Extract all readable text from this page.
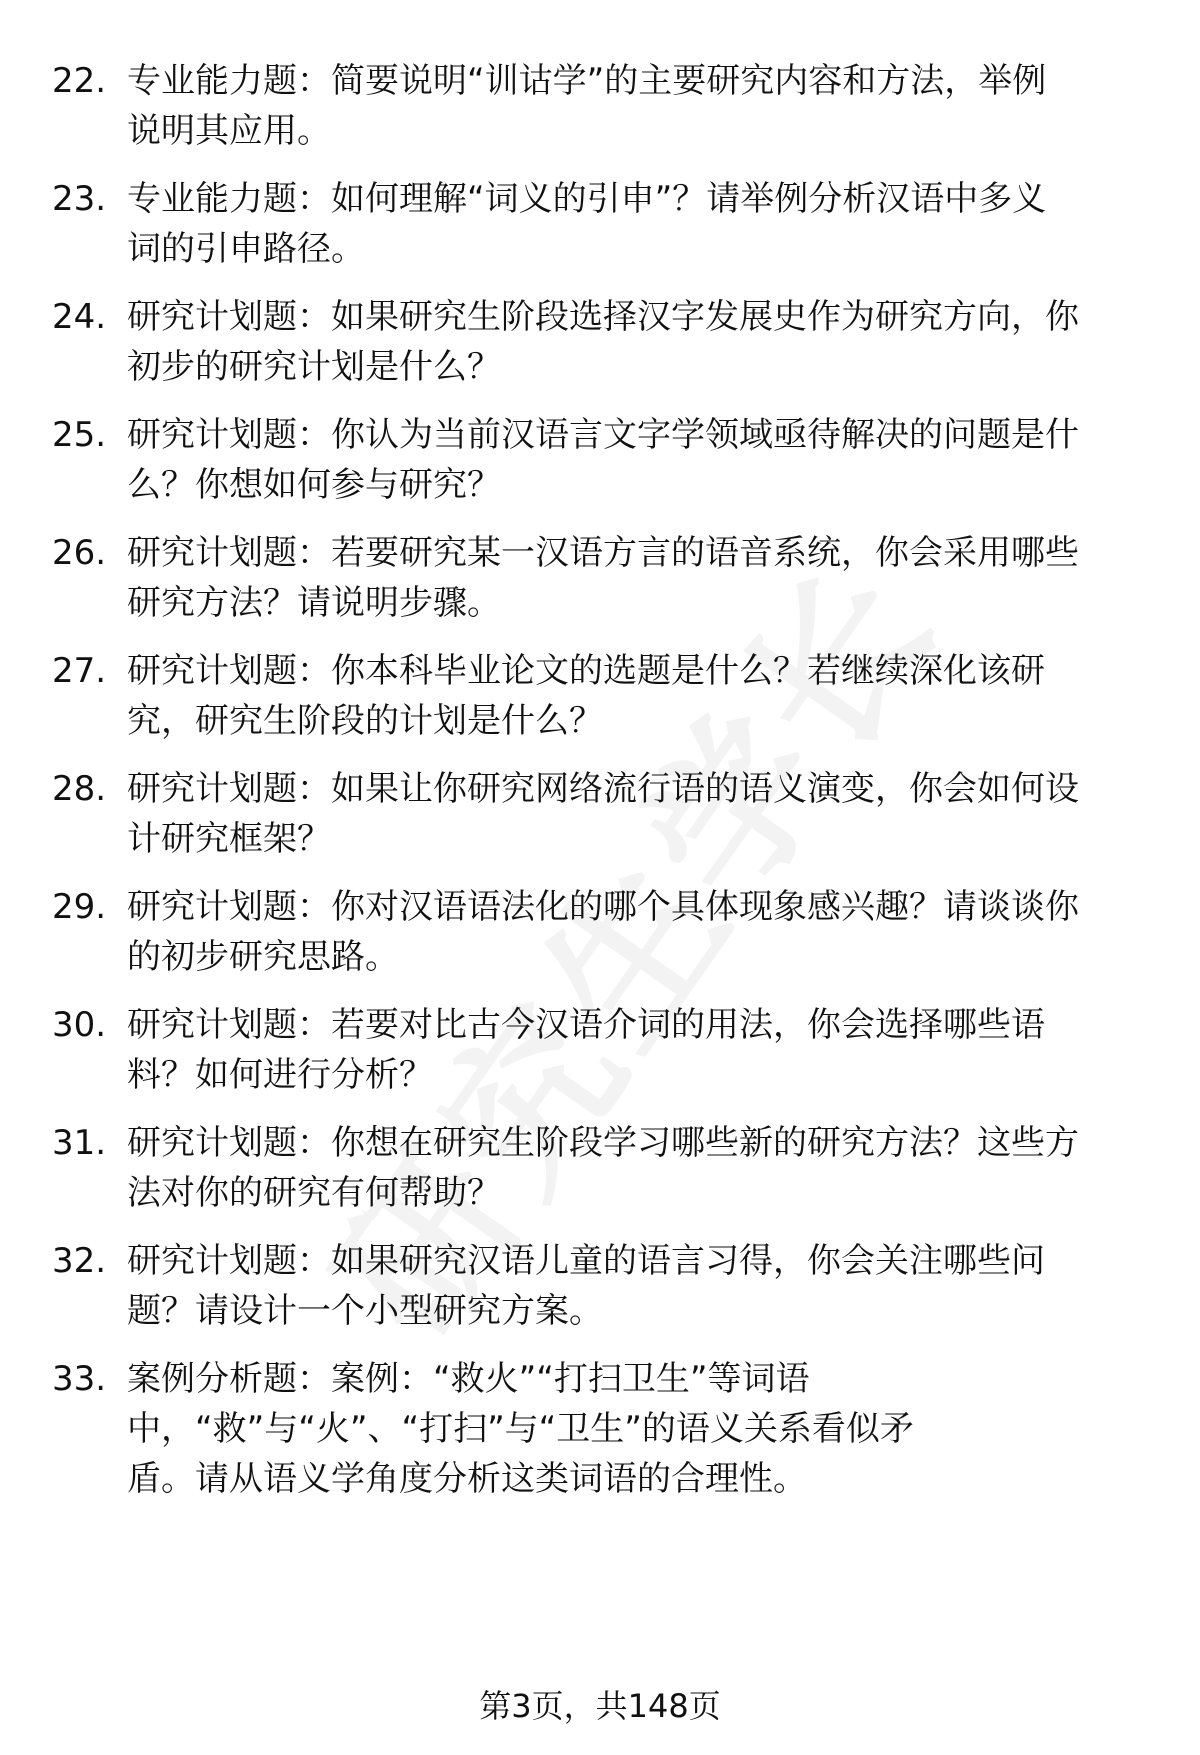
22. 专业能力题：简要说明“训诂学”的主要研究内容和方法，举例
说明其应用。
23. 专业能力题：如何理解“词义的引申”？请举例分析汉语中多义
词的引申路径。
24. 研究计划题：如果研究生阶段选择汉字发展史作为研究方向，你
初步的研究计划是什么？
25. 研究计划题：你认为当前汉语言文字学领域亟待解决的问题是什
么？你想如何参与研究？
26. 研究计划题：若要研究某一汉语方言的语音系统，你会采用哪些
研究方法？请说明步骤。
27. 研究计划题：你本科毕业论文的选题是什么？若继续深化该研
究，研究生阶段的计划是什么？
28. 研究计划题：如果让你研究网络流行语的语义演变，你会如何设
计研究框架？
29. 研究计划题：你对汉语语法化的哪个具体现象感兴趣？请谈谈你
的初步研究思路。
30. 研究计划题：若要对比古今汉语介词的用法，你会选择哪些语
料？如何进行分析？
31. 研究计划题：你想在研究生阶段学习哪些新的研究方法？这些方
法对你的研究有何帮助？
32. 研究计划题：如果研究汉语儿童的语言习得，你会关注哪些问
题？请设计一个小型研究方案。
33. 案例分析题：案例：“救火”“打扫卫生”等词语
中，“救”与“火”、“打扫”与“卫生”的语义关系看似矛
盾。请从语义学角度分析这类词语的合理性。
第3页，共148页
